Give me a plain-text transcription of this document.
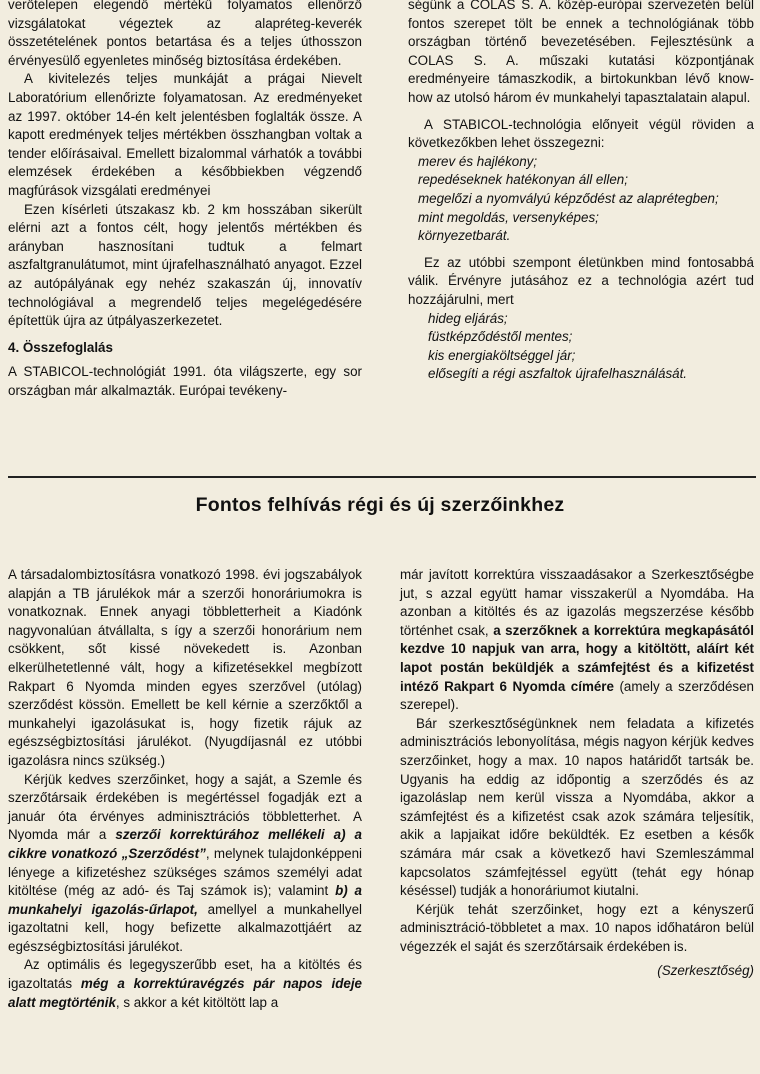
verőtelepen elegendő mértékű folyamatos ellenőrző vizsgálatokat végeztek az alapréteg-keverék összetételének pontos betartása és a teljes úthosszon érvényesülő egyenletes minőség biztosítása érdekében.

A kivitelezés teljes munkáját a prágai Nievelt Laboratórium ellenőrizte folyamatosan. Az eredményeket az 1997. október 14-én kelt jelentésben foglalták össze. A kapott eredmények teljes mértékben összhangban voltak a tender előírásaival. Emellett bizalommal várhatók a további elemzések érdekében a későbbiekben végzendő magfúrások vizsgálati eredményei

Ezen kísérleti útszakasz kb. 2 km hosszában sikerült elérni azt a fontos célt, hogy jelentős mértékben és arányban hasznosítani tudtuk a felmart aszfaltgranulátumot, mint újrafelhasználható anyagot. Ezzel az autópályának egy nehéz szakaszán új, innovatív technológiával a megrendelő teljes megelégedésére építettük újra az útpályaszerkezetet.

4. Összefoglalás

A STABICOL-technológiát 1991. óta világszerte, egy sor országban már alkalmazták. Európai tevékeny-

ségünk a COLAS S. A. közép-európai szervezetén belül fontos szerepet tölt be ennek a technológiának több országban történő bevezetésében. Fejlesztésünk a COLAS S. A. műszaki kutatási központjának eredményeire támaszkodik, a birtokunkban lévő know-how az utolsó három év munkahelyi tapasztalatain alapul.

A STABICOL-technológia előnyeit végül röviden a következőkben lehet összegezni:

merev és hajlékony;
repedéseknek hatékonyan áll ellen;
megelőzi a nyomvályú képződést az alaprétegben;
mint megoldás, versenyképes;
környezetbarát.

Ez az utóbbi szempont életünkben mind fontosabbá válik. Érvényre jutásához ez a technológia azért tud hozzájárulni, mert

hideg eljárás;
füstképződéstől mentes;
kis energiaköltséggel jár;
elősegíti a régi aszfaltok újrafelhasználását.
Fontos felhívás régi és új szerzőinkhez

A társadalombiztosításra vonatkozó 1998. évi jogszabályok alapján a TB járulékok már a szerzői honoráriumokra is vonatkoznak. Ennek anyagi többletterheit a Kiadónk nagyvonalúan átvállalta, s így a szerzői honorárium nem csökkent, sőt kissé növekedett is. Azonban elkerülhetetlenné vált, hogy a kifizetésekkel megbízott Rakpart 6 Nyomda minden egyes szerzővel (utólag) szerződést kössön. Emellett be kell kérnie a szerzőktől a munkahelyi igazolásukat is, hogy fizetik rájuk az egészségbiztosítási járulékot. (Nyugdíjasnál ez utóbbi igazolásra nincs szükség.)

Kérjük kedves szerzőinket, hogy a saját, a Szemle és szerzőtársaik érdekében is megértéssel fogadják ezt a január óta érvényes adminisztrációs többletterhet. A Nyomda már a szerzői korrektúrához mellékeli a) a cikkre vonatkozó „Szerződést”, melynek tulajdonképpeni lényege a kifizetéshez szükséges számos személyi adat kitöltése (még az adó- és Taj számok is); valamint b) a munkahelyi igazolás-űrlapot, amellyel a munkahellyel igazoltatni kell, hogy befizette alkalmazottjáért az egészségbiztosítási járulékot.

Az optimális és legegyszerűbb eset, ha a kitöltés és igazoltatás még a korrektúravégzés pár napos ideje alatt megtörténik, s akkor a két kitöltött lap a

már javított korrektúra visszaadásakor a Szerkesztőségbe jut, s azzal együtt hamar visszakerül a Nyomdába. Ha azonban a kitöltés és az igazolás megszerzése később történhet csak, a szerzőknek a korrektúra megkapásától kezdve 10 napjuk van arra, hogy a kitöltött, aláírt két lapot postán beküldjék a számfejtést és a kifizetést intéző Rakpart 6 Nyomda címére (amely a szerződésen szerepel).

Bár szerkesztőségünknek nem feladata a kifizetés adminisztrációs lebonyolítása, mégis nagyon kérjük kedves szerzőinket, hogy a max. 10 napos határidőt tartsák be. Ugyanis ha eddig az időpontig a szerződés és az igazoláslap nem kerül vissza a Nyomdába, akkor a számfejtést és a kifizetést csak azok számára teljesítik, akik a lapjaikat időre beküldték. Ez esetben a késők számára már csak a következő havi Szemleszámmal kapcsolatos számfejtéssel együtt (tehát egy hónap késéssel) tudják a honoráriumot kiutalni.

Kérjük tehát szerzőinket, hogy ezt a kényszerű adminisztráció-többletet a max. 10 napos időhatáron belül végezzék el saját és szerzőtársaik érdekében is.

(Szerkesztőség)
